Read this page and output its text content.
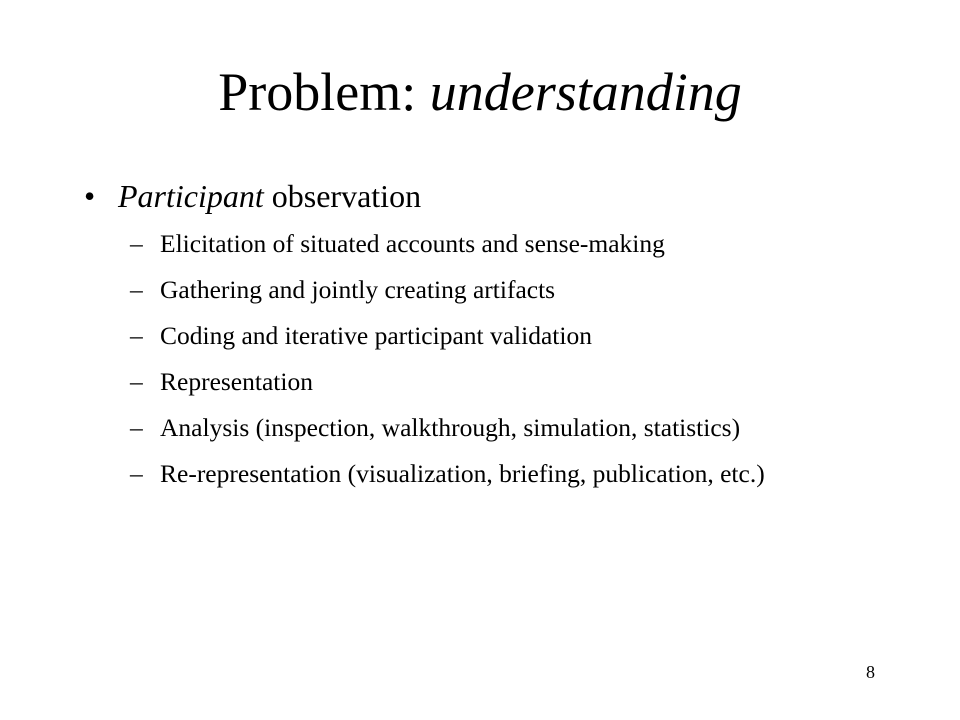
Problem: understanding
• Participant observation
– Elicitation of situated accounts and sense-making
– Gathering and jointly creating artifacts
– Coding and iterative participant validation
– Representation
– Analysis (inspection, walkthrough, simulation, statistics)
– Re-representation (visualization, briefing, publication, etc.)
8
